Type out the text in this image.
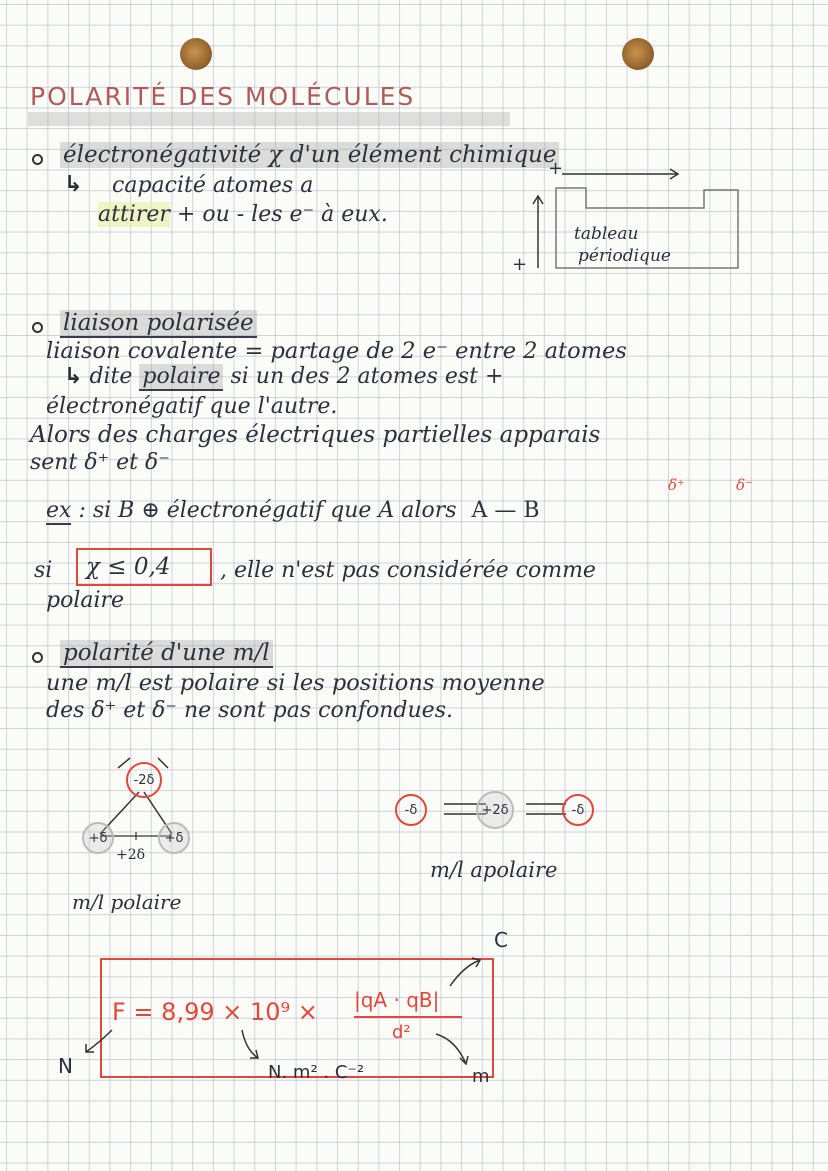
POLARITÉ DES MOLÉCULES
électronégativité χ d'un élément chimique
↳ capacité atomes a
attirer + ou - les e⁻ à eux.
+
+
tableau
périodique
liaison polarisée
liaison covalente = partage de 2 e⁻ entre 2 atomes
↳ dite polaire si un des 2 atomes est +
électronégatif que l'autre.
Alors des charges électriques partielles apparais
sent δ⁺ et δ⁻
δ⁺	δ⁻
ex : si B ⊕ électronégatif que A alors A — B
si χ ≤ 0,4 , elle n'est pas considérée comme
polaire
polarité d'une m/l
une m/l est polaire si les positions moyenne
des δ⁺ et δ⁻ ne sont pas confondues.
-2δ
+δ	+δ
+2δ
m/l polaire
-δ	+2δ	-δ
m/l apolaire
F = 8,99 × 10⁹ × |qA · qB|
d²
C
N	N. m² . C⁻²	m
